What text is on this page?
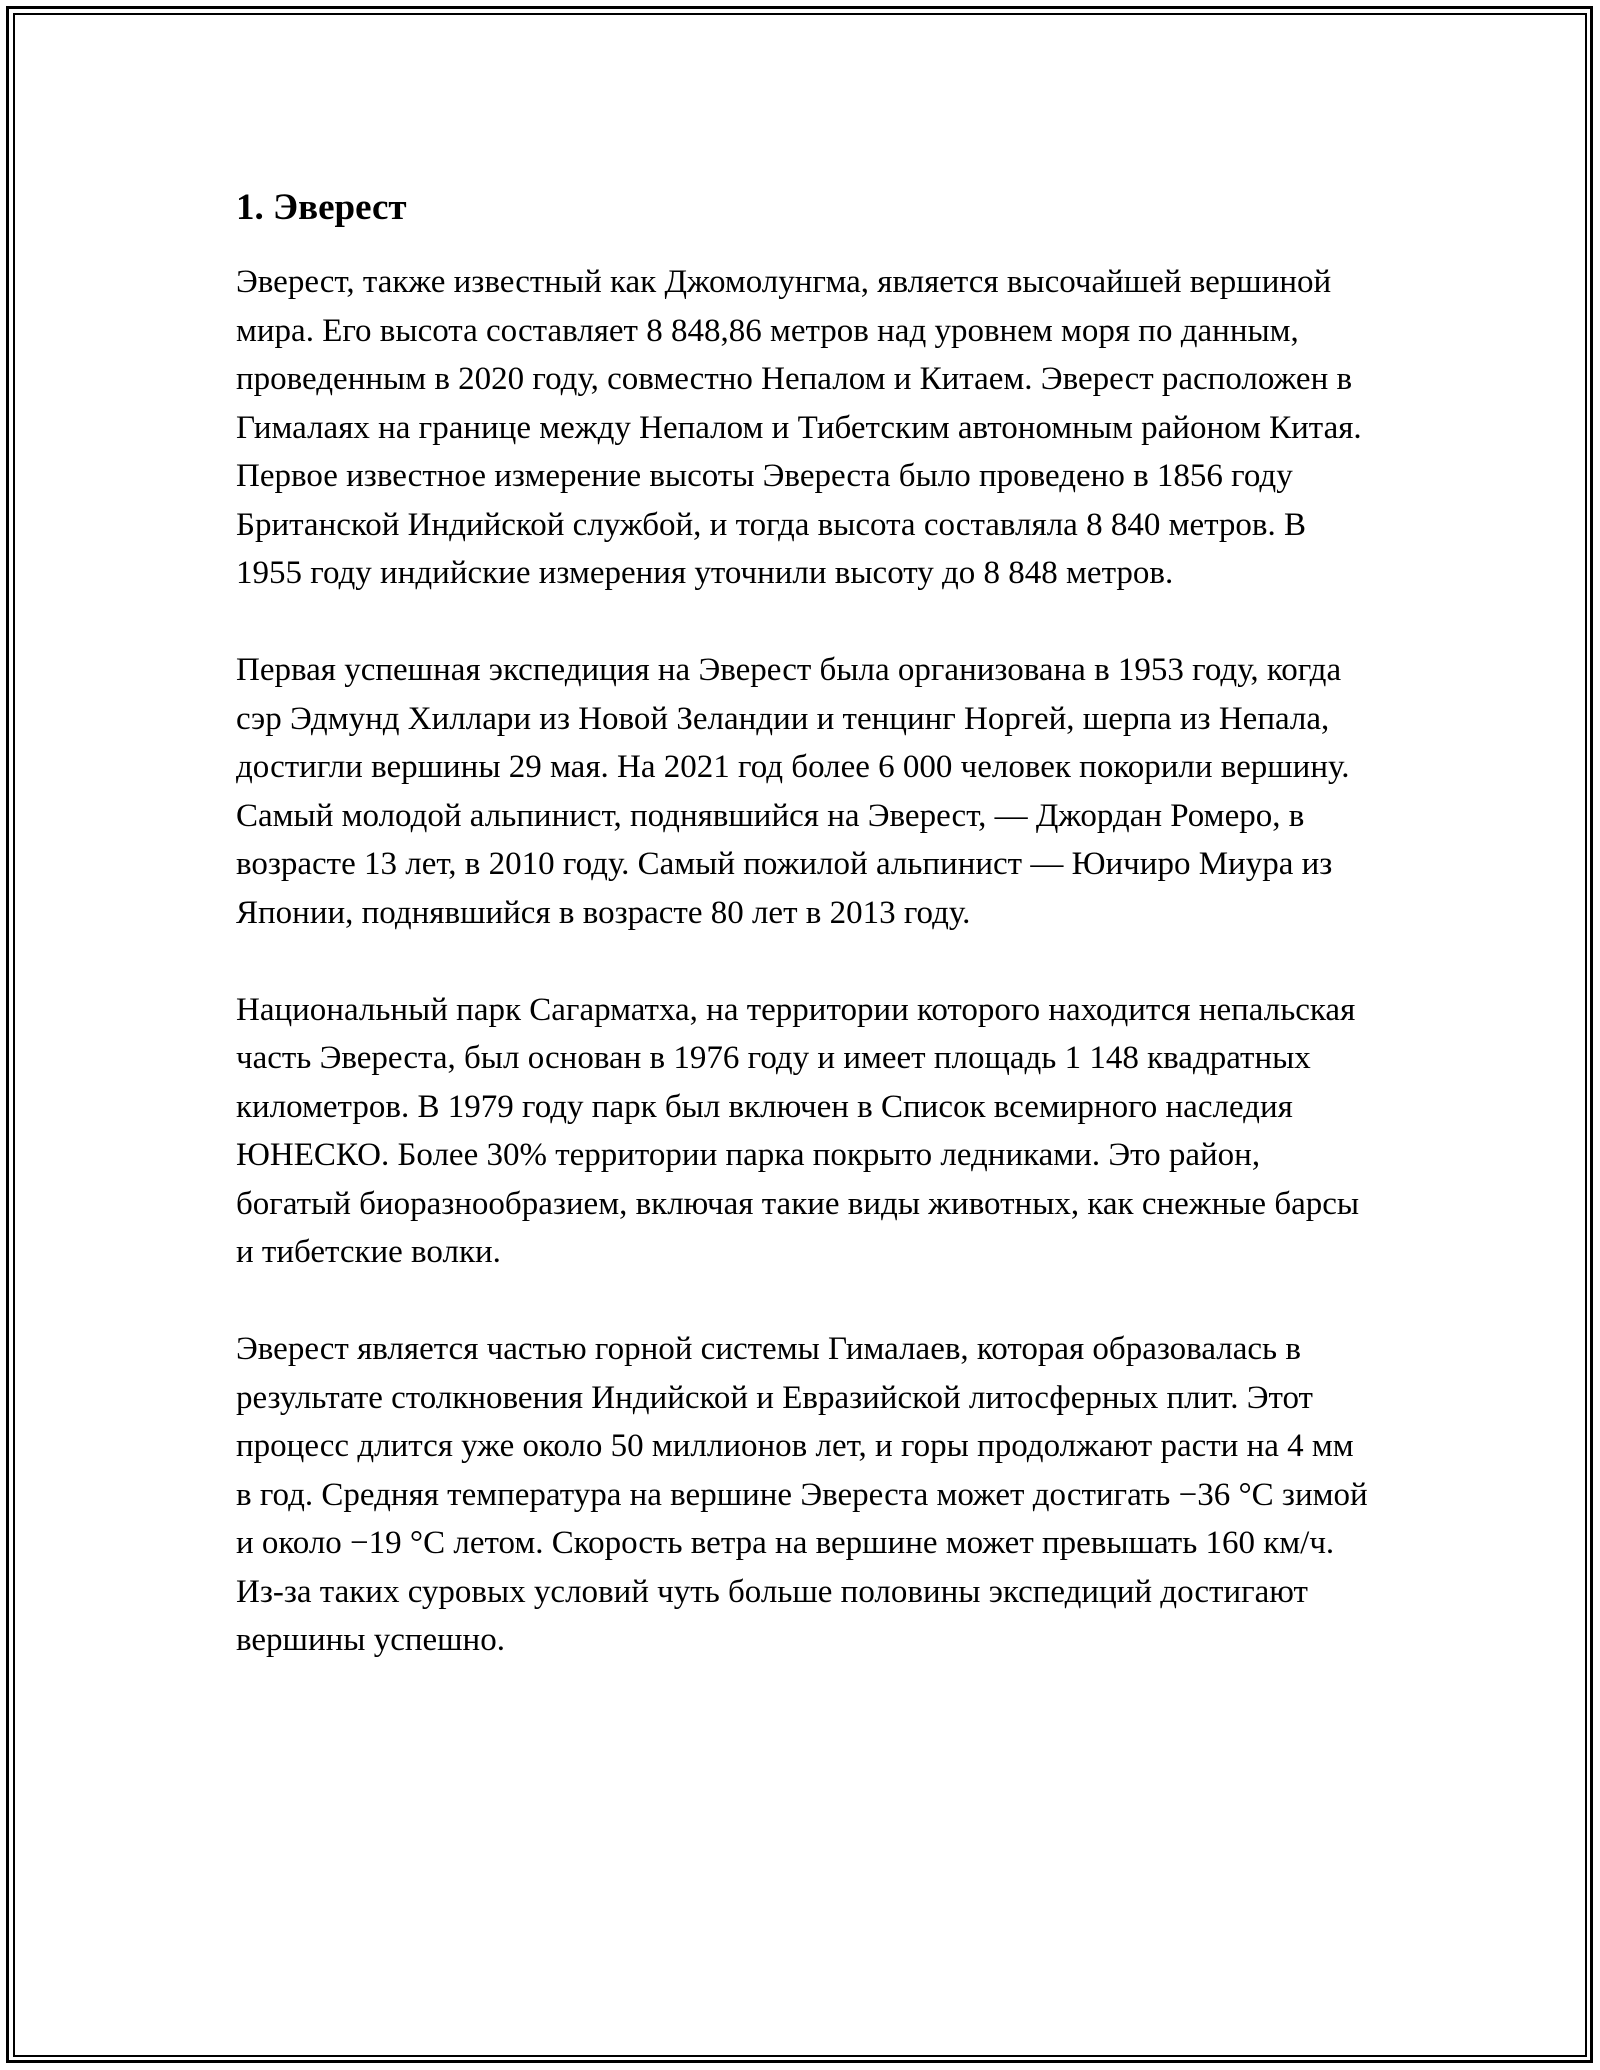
1. Эверест

Эверест, также известный как Джомолунгма, является высочайшей вершиной мира. Его высота составляет 8 848,86 метров над уровнем моря по данным, проведенным в 2020 году, совместно Непалом и Китаем. Эверест расположен в Гималаях на границе между Непалом и Тибетским автономным районом Китая. Первое известное измерение высоты Эвереста было проведено в 1856 году Британской Индийской службой, и тогда высота составляла 8 840 метров. В 1955 году индийские измерения уточнили высоту до 8 848 метров.

Первая успешная экспедиция на Эверест была организована в 1953 году, когда сэр Эдмунд Хиллари из Новой Зеландии и тенцинг Норгей, шерпа из Непала, достигли вершины 29 мая. На 2021 год более 6 000 человек покорили вершину. Самый молодой альпинист, поднявшийся на Эверест, — Джордан Ромеро, в возрасте 13 лет, в 2010 году. Самый пожилой альпинист — Юичиро Миура из Японии, поднявшийся в возрасте 80 лет в 2013 году.

Национальный парк Сагарматха, на территории которого находится непальская часть Эвереста, был основан в 1976 году и имеет площадь 1 148 квадратных километров. В 1979 году парк был включен в Список всемирного наследия ЮНЕСКО. Более 30% территории парка покрыто ледниками. Это район, богатый биоразнообразием, включая такие виды животных, как снежные барсы и тибетские волки.

Эверест является частью горной системы Гималаев, которая образовалась в результате столкновения Индийской и Евразийской литосферных плит. Этот процесс длится уже около 50 миллионов лет, и горы продолжают расти на 4 мм в год. Средняя температура на вершине Эвереста может достигать −36 °C зимой и около −19 °C летом. Скорость ветра на вершине может превышать 160 км/ч. Из-за таких суровых условий чуть больше половины экспедиций достигают вершины успешно.
